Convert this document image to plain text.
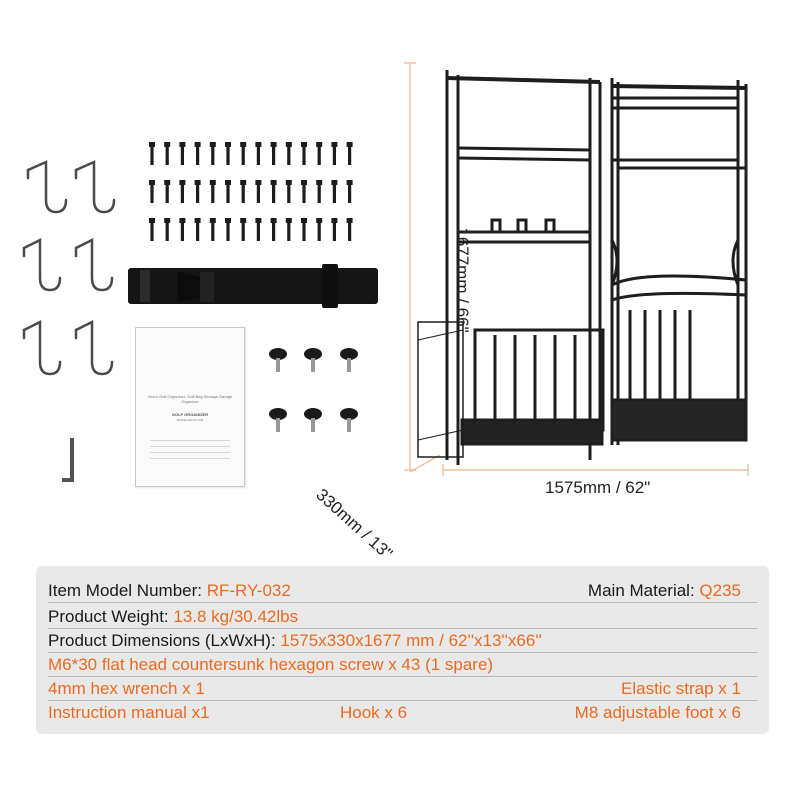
1677mm / 66"
330mm / 13"	1575mm / 62"
Vevor Golf Organizer, Golf Bag Storage Garage Organizer
GOLF ORGANIZER
MODEL:RF-RY-032
Item Model Number: RF-RY-032	Main Material: Q235
Product Weight: 13.8 kg/30.42lbs
Product Dimensions (LxWxH): 1575x330x1677 mm / 62''x13''x66''
M6*30 flat head countersunk hexagon screw x 43 (1 spare)
4mm hex wrench x 1	Elastic strap x 1
Instruction manual x1	Hook x 6	M8 adjustable foot x 6
